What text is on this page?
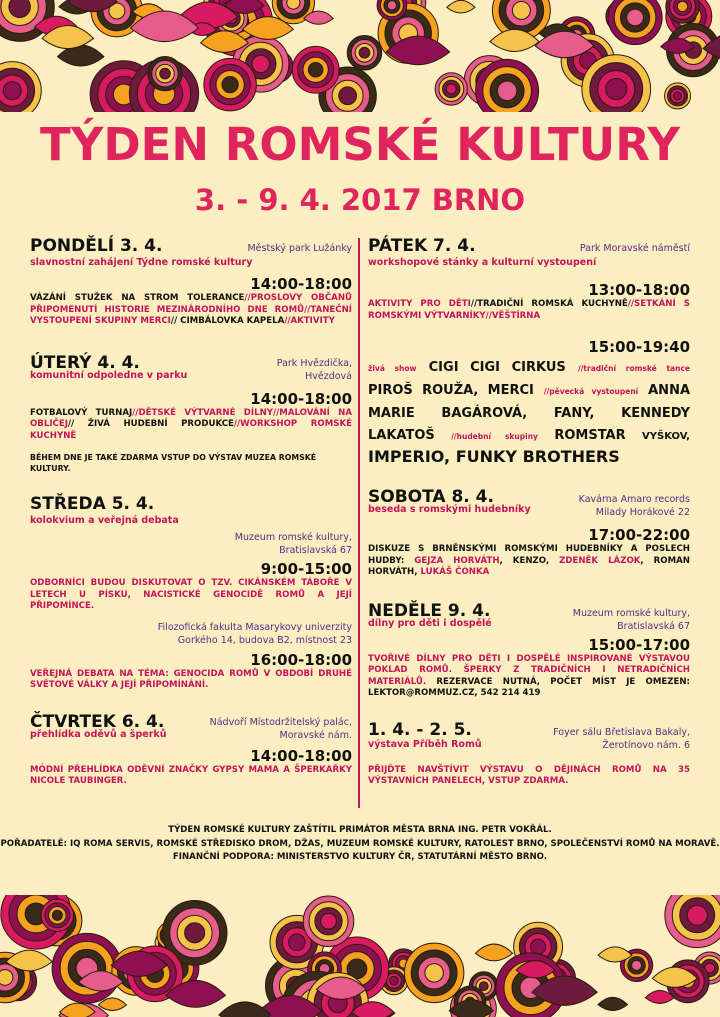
TÝDEN ROMSKÉ KULTURY
3. - 9. 4. 2017 BRNO
PONDĚLÍ 3. 4.	Městský park Lužánky
slavnostní zahájení Týdne romské kultury
14:00-18:00
VÁZÁNÍ STUŽEK NA STROM TOLERANCE//PROSLOVY OBČANŮ PŘIPOMENUTÍ HISTORIE MEZINÁRODNÍHO DNE ROMŮ//TANEČNÍ VYSTOUPENÍ SKUPINY MERCI// CIMBÁLOVKA KAPELA//AKTIVITY
ÚTERÝ 4. 4.	Park Hvězdička,
Hvězdová
komunitní odpoledne v parku
14:00-18:00
FOTBALOVÝ TURNAJ//DĚTSKÉ VÝTVARNÉ DÍLNY//MALOVÁNÍ NA OBLIČEJ// ŽIVÁ HUDEBNÍ PRODUKCE//WORKSHOP ROMSKÉ KUCHYNĚ
BĚHEM DNE JE TAKÉ ZDARMA VSTUP DO VÝSTAV MUZEA ROMSKÉ KULTURY.
STŘEDA 5. 4.
kolokvium a veřejná debata
Muzeum romské kultury,
Bratislavská 67
9:00-15:00
ODBORNÍCI BUDOU DISKUTOVAT O TZV. CIKÁNSKÉM TÁBOŘE V LETECH U PÍSKU, NACISTICKÉ GENOCIDĚ ROMŮ A JEJÍ PŘIPOMÍNCE.
Filozofická fakulta Masarykovy univerzity
Gorkého 14, budova B2, místnost 23
16:00-18:00
VEŘEJNÁ DEBATA NA TÉMA: GENOCIDA ROMŮ V OBDOBÍ DRUHÉ SVĚTOVÉ VÁLKY A JEJÍ PŘIPOMÍNÁNÍ.
ČTVRTEK 6. 4.	Nádvoří Místodržitelský palác,
Moravské nám.
přehlídka oděvů a šperků
14:00-18:00
MÓDNÍ PŘEHLÍDKA ODĚVNÍ ZNAČKY GYPSY MAMA A ŠPERKAŘKY NICOLE TAUBINGER.
PÁTEK 7. 4.	Park Moravské náměstí
workshopové stánky a kulturní vystoupení
13:00-18:00
AKTIVITY PRO DĚTI//TRADIČNÍ ROMSKÁ KUCHYNĚ//SETKÁNÍ S ROMSKÝMI VÝTVARNÍKY//VĚŠTÍRNA
15:00-19:40
živá show CIGI CIGI CIRKUS //tradiční romské tance PIROŠ ROUŽA, MERCI //pěvecká vystoupení ANNA MARIE BAGÁROVÁ, FANY, KENNEDY LAKATOŠ //hudební skupiny ROMSTAR VYŠKOV, IMPERIO, FUNKY BROTHERS
SOBOTA 8. 4.	Kavárna Amaro records
Milady Horákové 22
beseda s romskými hudebníky
17:00-22:00
DISKUZE S BRNĚNSKÝMI ROMSKÝMI HUDEBNÍKY A POSLECH HUDBY: GEJZA HORVÁTH, KENZO, ZDENĚK LÁZOK, ROMAN HORVÁTH, LUKÁŠ ČONKA
NEDĚLE 9. 4.	Muzeum romské kultury,
Bratislavská 67
dílny pro děti i dospělé
15:00-17:00
TVOŘIVÉ DÍLNY PRO DĚTI I DOSPĚLÉ INSPIROVANÉ VÝSTAVOU POKLAD ROMŮ. ŠPERKY Z TRADIČNÍCH I NETRADIČNÍCH MATERIÁLŮ. REZERVACE NUTNÁ, POČET MÍST JE OMEZEN: LEKTOR@ROMMUZ.CZ, 542 214 419
1. 4. - 2. 5.	Foyer sálu Břetislava Bakaly,
Žerotínovo nám. 6
výstava Příběh Romů
PŘIJĎTE NAVŠTÍVIT VÝSTAVU O DĚJINÁCH ROMŮ NA 35 VÝSTAVNÍCH PANELECH, VSTUP ZDARMA.
TÝDEN ROMSKÉ KULTURY ZAŠTÍTIL PRIMÁTOR MĚSTA BRNA ING. PETR VOKŘÁL.
POŘADATELÉ: IQ ROMA SERVIS, ROMSKÉ STŘEDISKO DROM, DŽAS, MUZEUM ROMSKÉ KULTURY, RATOLEST BRNO, SPOLEČENSTVÍ ROMŮ NA MORAVĚ.
FINANČNÍ PODPORA: MINISTERSTVO KULTURY ČR, STATUTÁRNÍ MĚSTO BRNO.
